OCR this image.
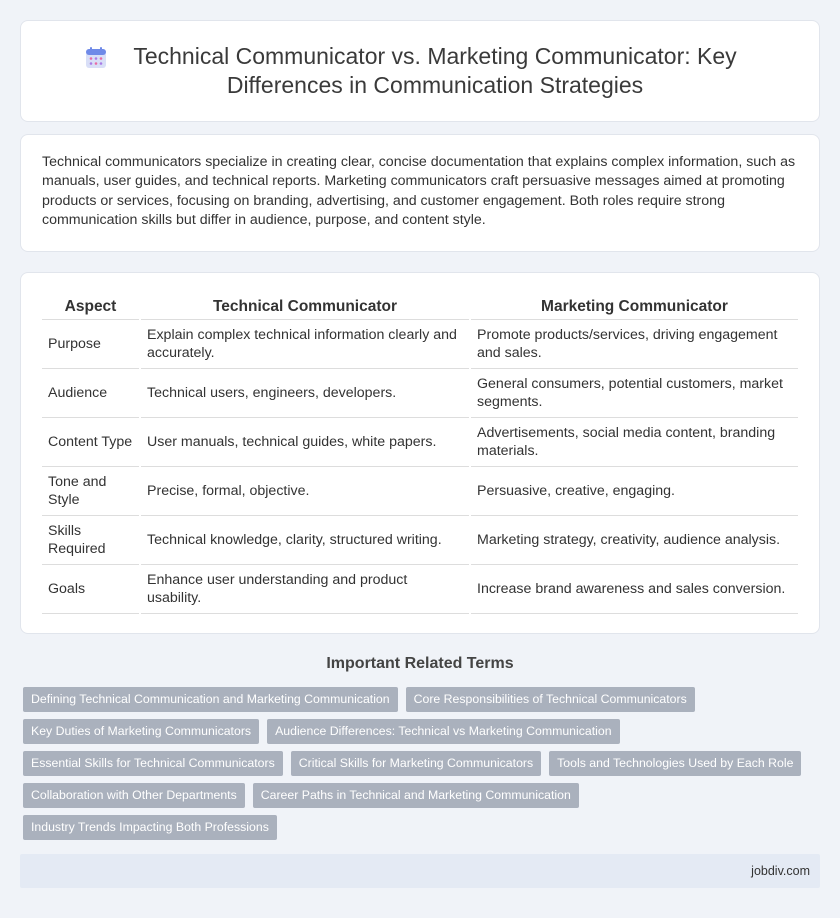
Technical Communicator vs. Marketing Communicator: Key Differences in Communication Strategies

Technical communicators specialize in creating clear, concise documentation that explains complex information, such as manuals, user guides, and technical reports. Marketing communicators craft persuasive messages aimed at promoting products or services, focusing on branding, advertising, and customer engagement. Both roles require strong communication skills but differ in audience, purpose, and content style.

Aspect	Technical Communicator	Marketing Communicator
Purpose	Explain complex technical information clearly and accurately.	Promote products/services, driving engagement and sales.
Audience	Technical users, engineers, developers.	General consumers, potential customers, market segments.
Content Type	User manuals, technical guides, white papers.	Advertisements, social media content, branding materials.
Tone and Style	Precise, formal, objective.	Persuasive, creative, engaging.
Skills Required	Technical knowledge, clarity, structured writing.	Marketing strategy, creativity, audience analysis.
Goals	Enhance user understanding and product usability.	Increase brand awareness and sales conversion.
Important Related Terms
Defining Technical Communication and Marketing Communication	Core Responsibilities of Technical Communicators
Key Duties of Marketing Communicators	Audience Differences: Technical vs Marketing Communication
Essential Skills for Technical Communicators	Critical Skills for Marketing Communicators	Tools and Technologies Used by Each Role
Collaboration with Other Departments	Career Paths in Technical and Marketing Communication
Industry Trends Impacting Both Professions
jobdiv.com
